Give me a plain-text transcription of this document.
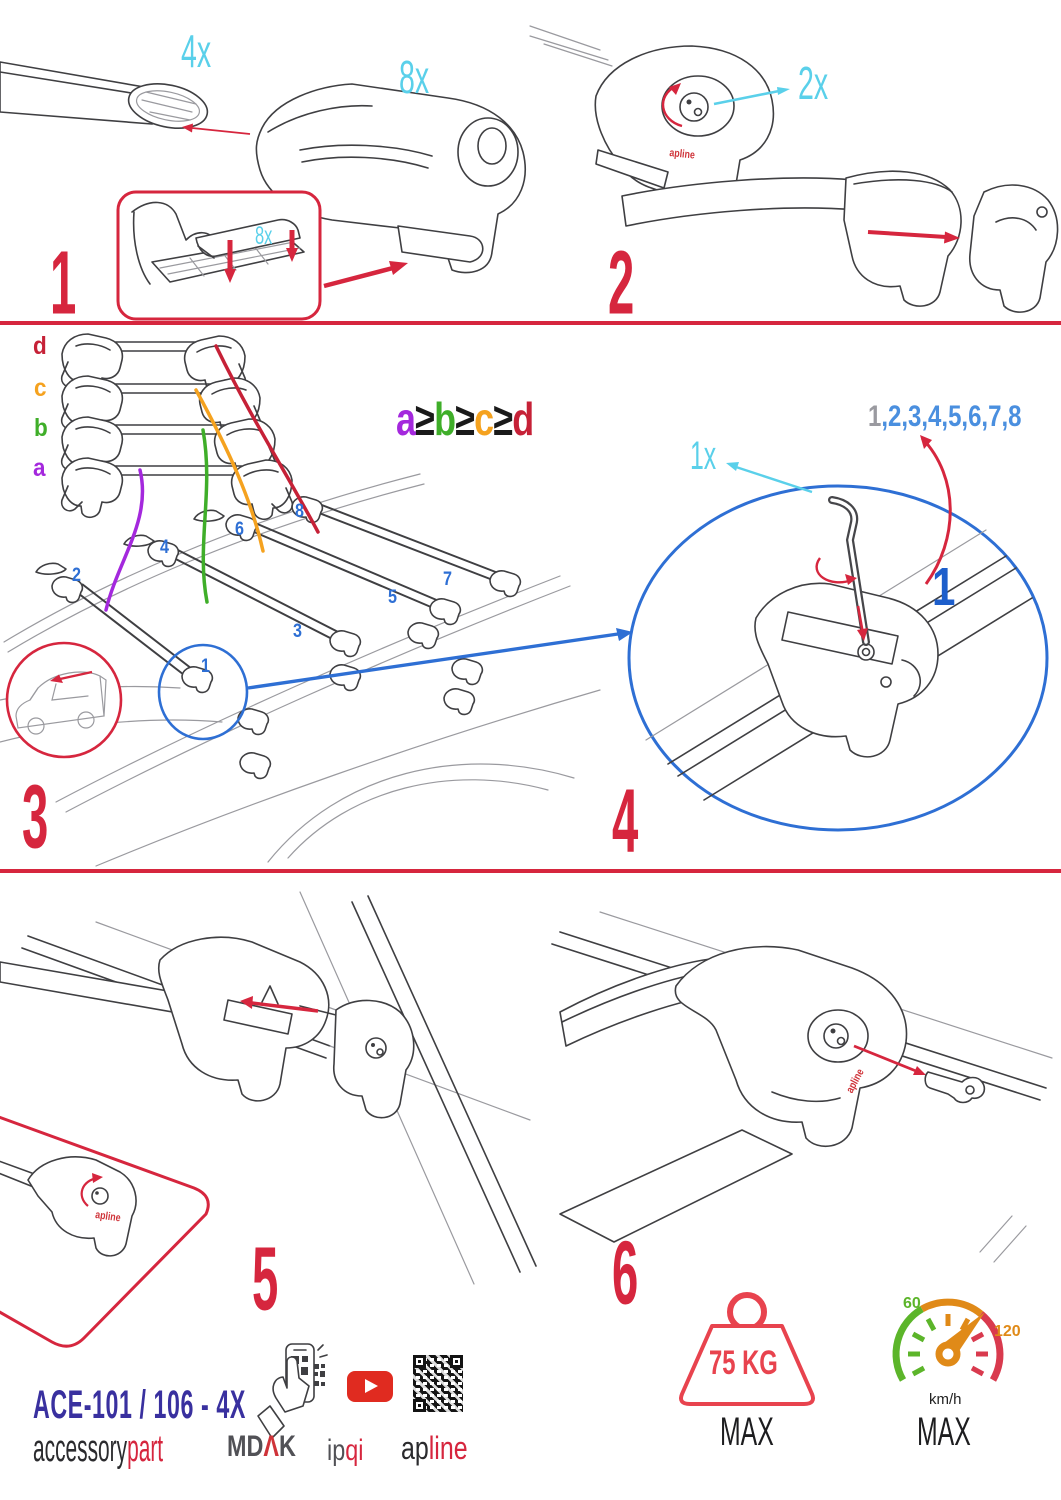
4x	8x
8x
1
2x
2
apline
d
c
b
a
a≥b≥c≥d
2
4
6
8
3
5
7
1
3
1,2,3,4,5,6,7,8
1x
1
4
5
apline
6
apline
ACE-101 / 106 - 4X
accessorypart MDΛK ipqi apline
75 KG
MAX
60
120
km/h
MAX
